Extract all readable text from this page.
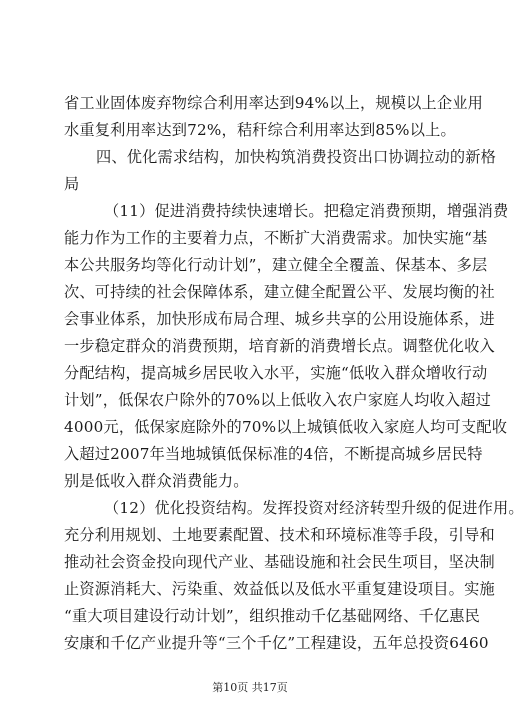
省工业固体废弃物综合利用率达到94%以上，规模以上企业用
水重复利用率达到72%，秸秆综合利用率达到85%以上。
四、优化需求结构，加快构筑消费投资出口协调拉动的新格
局
（11）促进消费持续快速增长。把稳定消费预期，增强消费
能力作为工作的主要着力点，不断扩大消费需求。加快实施“基
本公共服务均等化行动计划”，建立健全全覆盖、保基本、多层
次、可持续的社会保障体系，建立健全配置公平、发展均衡的社
会事业体系，加快形成布局合理、城乡共享的公用设施体系，进
一步稳定群众的消费预期，培育新的消费增长点。调整优化收入
分配结构，提高城乡居民收入水平，实施“低收入群众增收行动
计划”，低保农户除外的70%以上低收入农户家庭人均收入超过
4000元，低保家庭除外的70%以上城镇低收入家庭人均可支配收
入超过2007年当地城镇低保标准的4倍，不断提高城乡居民特
别是低收入群众消费能力。
（12）优化投资结构。发挥投资对经济转型升级的促进作用。
充分利用规划、土地要素配置、技术和环境标准等手段，引导和
推动社会资金投向现代产业、基础设施和社会民生项目，坚决制
止资源消耗大、污染重、效益低以及低水平重复建设项目。实施
“重大项目建设行动计划”，组织推动千亿基础网络、千亿惠民
安康和千亿产业提升等“三个千亿”工程建设，五年总投资6460
第10页 共17页
